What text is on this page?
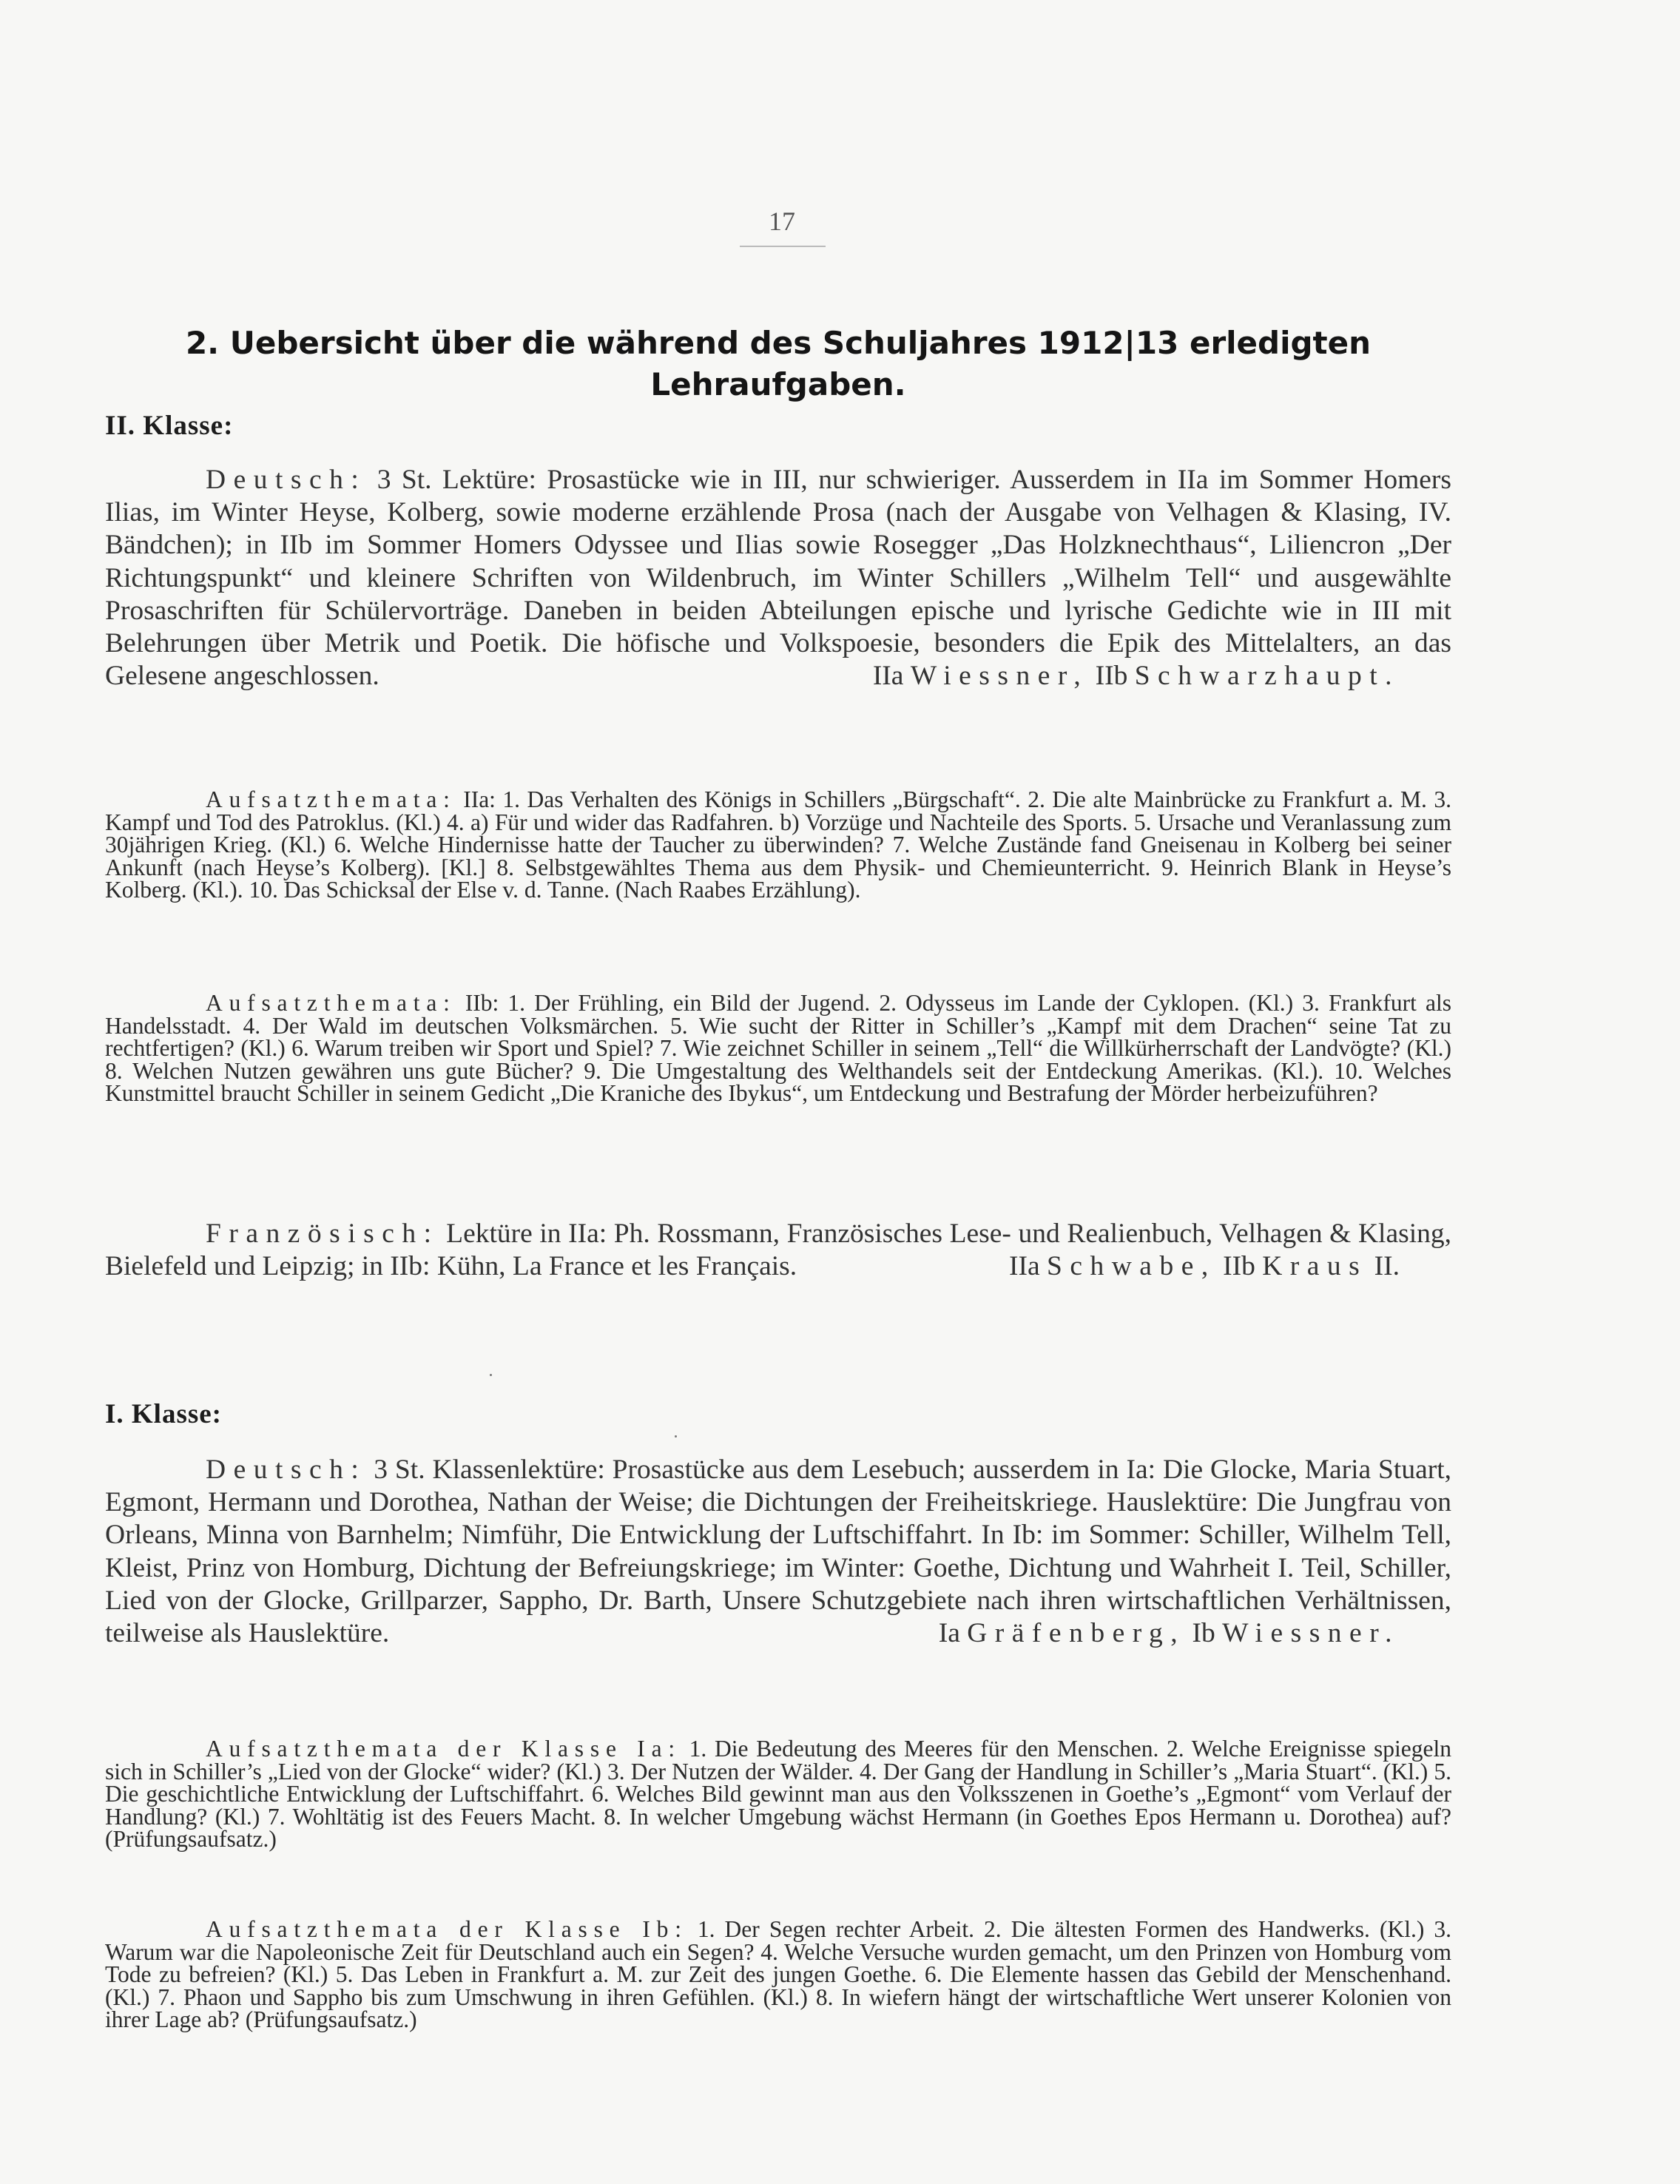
17
2. Uebersicht über die während des Schuljahres 1912|13 erledigten
Lehraufgaben.
II. Klasse:

Deutsch: 3 St. Lektüre: Prosastücke wie in III, nur schwieriger. Ausserdem in IIa im Sommer Homers Ilias, im Winter Heyse, Kolberg, sowie moderne erzählende Prosa (nach der Ausgabe von Velhagen & Klasing, IV. Bändchen); in IIb im Sommer Homers Odyssee und Ilias sowie Rosegger „Das Holzknechthaus“, Liliencron „Der Richtungspunkt“ und kleinere Schriften von Wildenbruch, im Winter Schillers „Wilhelm Tell“ und ausgewählte Prosaschriften für Schülervorträge. Daneben in beiden Abteilungen epische und lyrische Gedichte wie in III mit Belehrungen über Metrik und Poetik. Die höfische und Volkspoesie, besonders die Epik des Mittelalters, an das Gelesene angeschlossen.	IIa Wiessner, IIb Schwarzhaupt.

Aufsatzthemata: IIa: 1. Das Verhalten des Königs in Schillers „Bürgschaft“. 2. Die alte Mainbrücke zu Frankfurt a. M. 3. Kampf und Tod des Patroklus. (Kl.) 4. a) Für und wider das Radfahren. b) Vorzüge und Nachteile des Sports. 5. Ursache und Veranlassung zum 30jährigen Krieg. (Kl.) 6. Welche Hindernisse hatte der Taucher zu überwinden? 7. Welche Zustände fand Gneisenau in Kolberg bei seiner Ankunft (nach Heyse’s Kolberg). [Kl.] 8. Selbstgewähltes Thema aus dem Physik- und Chemieunterricht. 9. Heinrich Blank in Heyse’s Kolberg. (Kl.). 10. Das Schicksal der Else v. d. Tanne. (Nach Raabes Erzählung).

Aufsatzthemata: IIb: 1. Der Frühling, ein Bild der Jugend. 2. Odysseus im Lande der Cyklopen. (Kl.) 3. Frankfurt als Handelsstadt. 4. Der Wald im deutschen Volksmärchen. 5. Wie sucht der Ritter in Schiller’s „Kampf mit dem Drachen“ seine Tat zu rechtfertigen? (Kl.) 6. Warum treiben wir Sport und Spiel? 7. Wie zeichnet Schiller in seinem „Tell“ die Willkürherrschaft der Landvögte? (Kl.) 8. Welchen Nutzen gewähren uns gute Bücher? 9. Die Umgestaltung des Welthandels seit der Entdeckung Amerikas. (Kl.). 10. Welches Kunstmittel braucht Schiller in seinem Gedicht „Die Kraniche des Ibykus“, um Entdeckung und Bestrafung der Mörder herbeizuführen?

Französisch: Lektüre in IIa: Ph. Rossmann, Französisches Lese- und Realienbuch, Velhagen & Klasing, Bielefeld und Leipzig; in IIb: Kühn, La France et les Français.	IIa Schwabe, IIb Kraus II.

I. Klasse:

Deutsch: 3 St. Klassenlektüre: Prosastücke aus dem Lesebuch; ausserdem in Ia: Die Glocke, Maria Stuart, Egmont, Hermann und Dorothea, Nathan der Weise; die Dichtungen der Freiheitskriege. Hauslektüre: Die Jungfrau von Orleans, Minna von Barnhelm; Nimführ, Die Entwicklung der Luftschiffahrt. In Ib: im Sommer: Schiller, Wilhelm Tell, Kleist, Prinz von Homburg, Dichtung der Befreiungskriege; im Winter: Goethe, Dichtung und Wahrheit I. Teil, Schiller, Lied von der Glocke, Grillparzer, Sappho, Dr. Barth, Unsere Schutzgebiete nach ihren wirtschaftlichen Verhältnissen, teilweise als Hauslektüre.	Ia Gräfenberg, Ib Wiessner.

Aufsatzthemata der Klasse Ia: 1. Die Bedeutung des Meeres für den Menschen. 2. Welche Ereignisse spiegeln sich in Schiller’s „Lied von der Glocke“ wider? (Kl.) 3. Der Nutzen der Wälder. 4. Der Gang der Handlung in Schiller’s „Maria Stuart“. (Kl.) 5. Die geschichtliche Entwicklung der Luftschiffahrt. 6. Welches Bild gewinnt man aus den Volksszenen in Goethe’s „Egmont“ vom Verlauf der Handlung? (Kl.) 7. Wohltätig ist des Feuers Macht. 8. In welcher Umgebung wächst Hermann (in Goethes Epos Hermann u. Dorothea) auf? (Prüfungsaufsatz.)

Aufsatzthemata der Klasse Ib: 1. Der Segen rechter Arbeit. 2. Die ältesten Formen des Handwerks. (Kl.) 3. Warum war die Napoleonische Zeit für Deutschland auch ein Segen? 4. Welche Versuche wurden gemacht, um den Prinzen von Homburg vom Tode zu befreien? (Kl.) 5. Das Leben in Frankfurt a. M. zur Zeit des jungen Goethe. 6. Die Elemente hassen das Gebild der Menschenhand. (Kl.) 7. Phaon und Sappho bis zum Umschwung in ihren Gefühlen. (Kl.) 8. In wiefern hängt der wirtschaftliche Wert unserer Kolonien von ihrer Lage ab? (Prüfungsaufsatz.)
